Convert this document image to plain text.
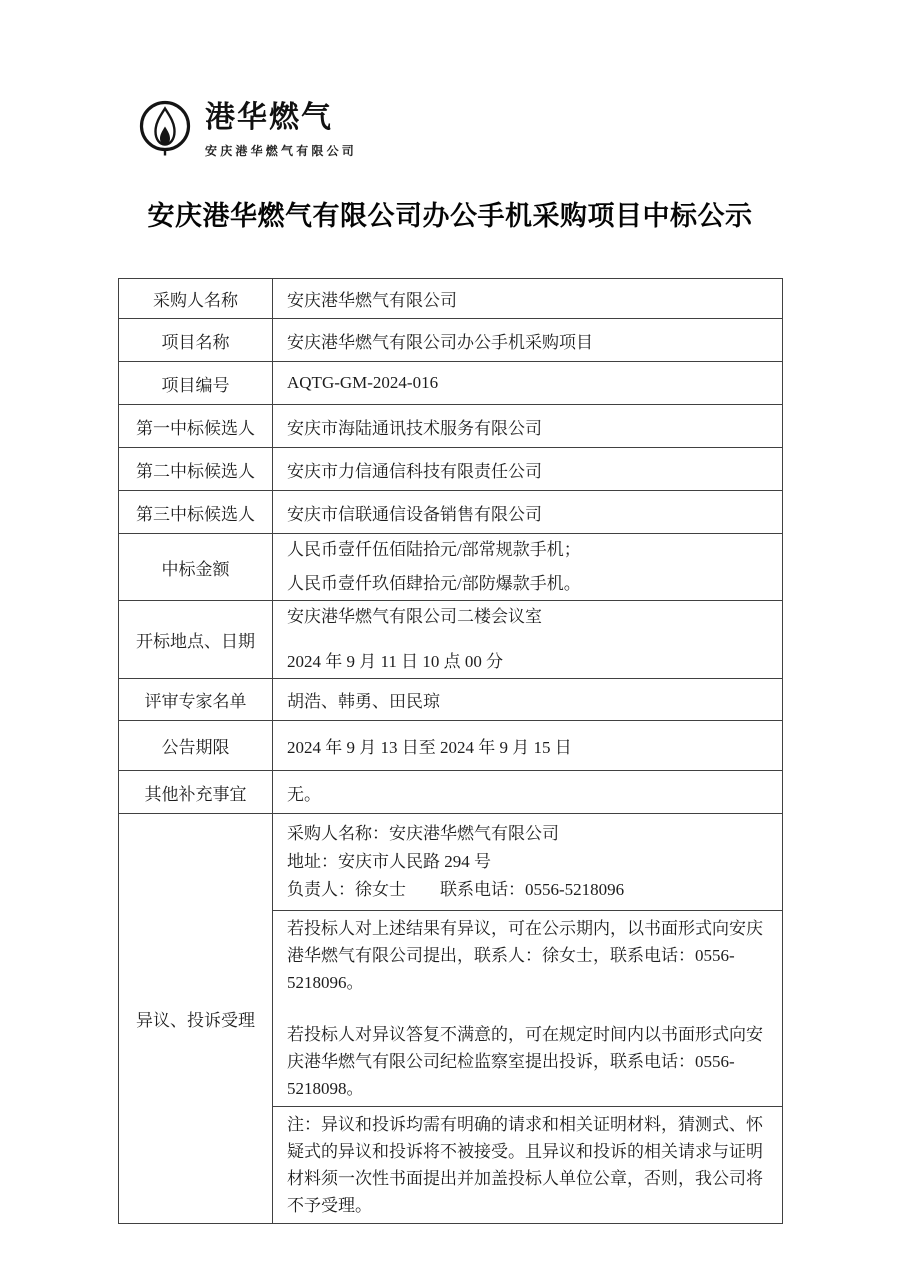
港华燃气
安庆港华燃气有限公司
安庆港华燃气有限公司办公手机采购项目中标公示
采购人名称	安庆港华燃气有限公司
项目名称	安庆港华燃气有限公司办公手机采购项目
项目编号	AQTG-GM-2024-016
第一中标候选人	安庆市海陆通讯技术服务有限公司
第二中标候选人	安庆市力信通信科技有限责任公司
第三中标候选人	安庆市信联通信设备销售有限公司
中标金额	人民币壹仟伍佰陆拾元/部常规款手机；
人民币壹仟玖佰肆拾元/部防爆款手机。

开标地点、日期	安庆港华燃气有限公司二楼会议室
2024 年 9 月 11 日 10 点 00 分

评审专家名单	胡浩、韩勇、田民琼
公告期限	2024 年 9 月 13 日至 2024 年 9 月 15 日
其他补充事宜	无。
异议、投诉受理	采购人名称：安庆港华燃气有限公司
地址：安庆市人民路 294 号
负责人：徐女士　　联系电话：0556-5218096

	若投标人对上述结果有异议，可在公示期内，以书面形式向安庆港华燃气有限公司提出，联系人：徐女士，联系电话：0556-5218096。
若投标人对异议答复不满意的，可在规定时间内以书面形式向安庆港华燃气有限公司纪检监察室提出投诉，联系电话：0556-5218098。

	注：异议和投诉均需有明确的请求和相关证明材料，猜测式、怀疑式的异议和投诉将不被接受。且异议和投诉的相关请求与证明材料须一次性书面提出并加盖投标人单位公章，否则，我公司将不予受理。
